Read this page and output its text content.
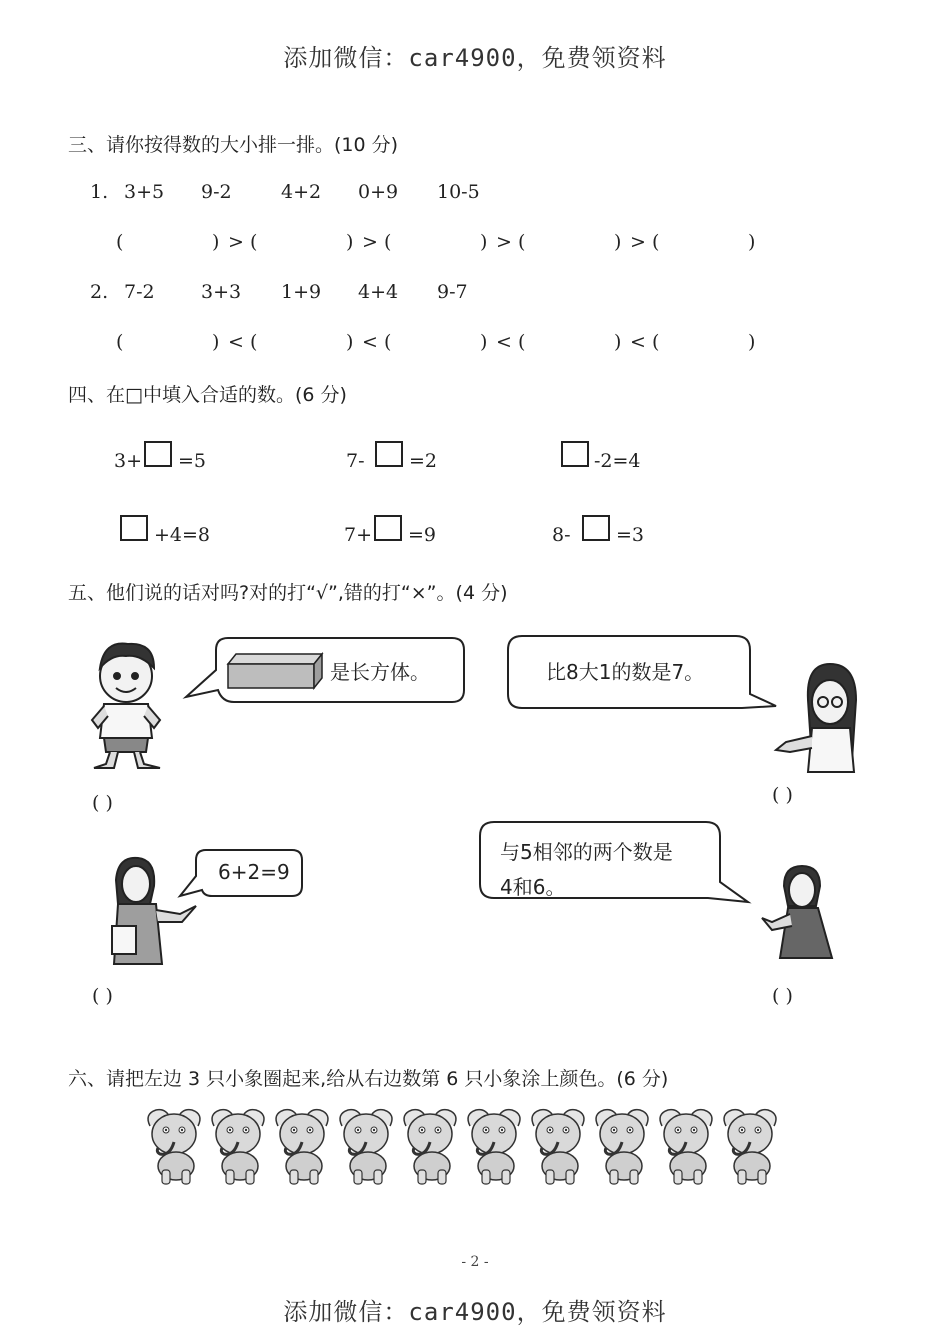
添加微信：car4900，免费领资料
三、请你按得数的大小排一排。(10 分)
1. 3+5 9-2	4+2 0+9 10-5
(	) > (	) > (	) > (	) > (	)
2. 7-2 3+3 1+9 4+4 9-7
(	) < (	) < (	) < (	) < (	)
四、在□中填入合适的数。(6 分)
3+ =5	7- =2	-2=4
+4=8	7+ =9	8- =3
五、他们说的话对吗?对的打“√”,错的打“×”。(4 分)
是长方体。	比8大1的数是7。
6+2=9
与5相邻的两个数是
4和6。
( )	( )
( )	( )
六、请把左边 3 只小象圈起来,给从右边数第 6 只小象涂上颜色。(6 分)
- 2 -
添加微信：car4900，免费领资料
